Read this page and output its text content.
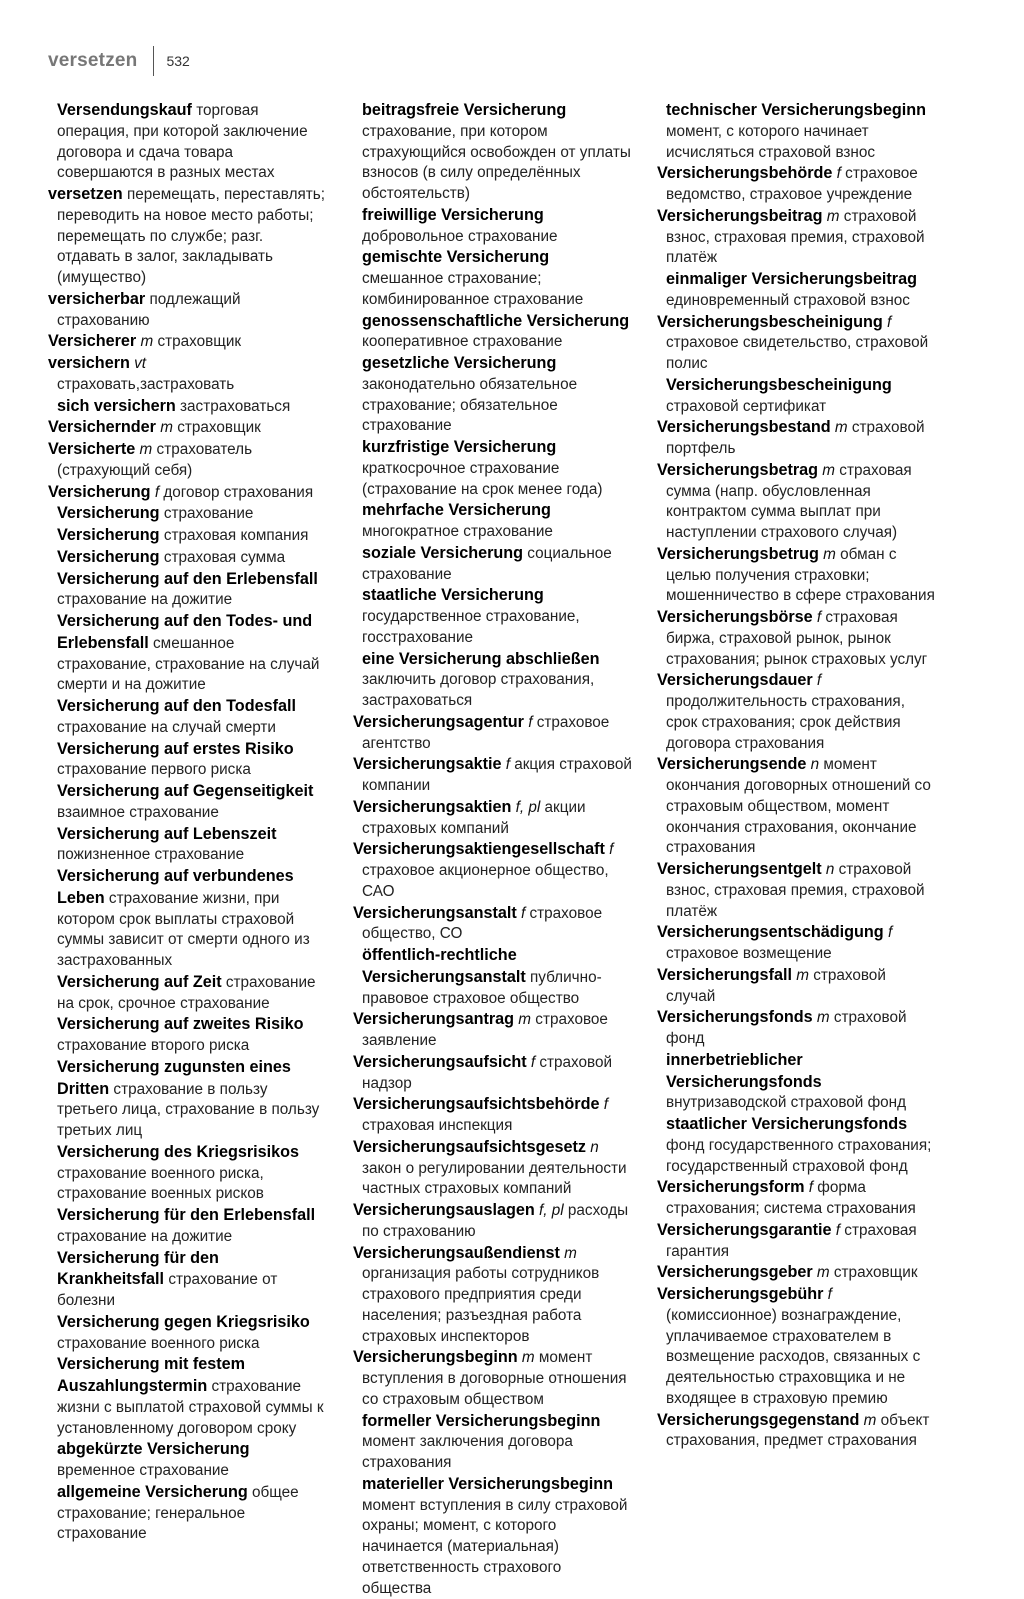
versetzen 532

Versendungskauf торговая операция, при которой заключение договора и сдача товара совершаются в разных местах

versetzen перемещать, переставлять; переводить на новое место работы; перемещать по службе; разг. отдавать в залог, закладывать (имущество)

versicherbar подлежащий страхованию

Versicherer m страховщик

versichern vt страховать,застраховать

sich versichern застраховаться

Versichernder m страховщик

Versicherte m страхователь (страхующий себя)

Versicherung f договор страхования

Versicherung страхование

Versicherung страховая компания

Versicherung страховая сумма

Versicherung auf den Erlebensfall страхование на дожитие

Versicherung auf den Todes- und Erlebensfall смешанное страхование, страхование на случай смерти и на дожитие

Versicherung auf den Todesfall страхование на случай смерти

Versicherung auf erstes Risiko страхование первого риска

Versicherung auf Gegenseitigkeit взаимное страхование

Versicherung auf Lebenszeit пожизненное страхование

Versicherung auf verbundenes Leben страхование жизни, при котором срок выплаты страховой суммы зависит от смерти одного из застрахованных

Versicherung auf Zeit страхование на срок, срочное страхование

Versicherung auf zweites Risiko страхование второго риска

Versicherung zugunsten eines Dritten страхование в пользу третьего лица, страхование в пользу третьих лиц

Versicherung des Kriegsrisikos страхование военного риска, страхование военных рисков

Versicherung für den Erlebensfall страхование на дожитие

Versicherung für den Krankheitsfall страхование от болезни

Versicherung gegen Kriegsrisiko страхование военного риска

Versicherung mit festem Auszahlungstermin страхование жизни с выплатой страховой суммы к установленному договором сроку

abgekürzte Versicherung временное страхование

allgemeine Versicherung общее страхование; генеральное страхование

beitragsfreie Versicherung страхование, при котором страхующийся освобожден от уплаты взносов (в силу определённых обстоятельств)

freiwillige Versicherung добровольное страхование

gemischte Versicherung смешанное страхование; комбинированное страхование

genossenschaftliche Versicherung кооперативное страхование

gesetzliche Versicherung законодательно обязательное страхование; обязательное страхование

kurzfristige Versicherung краткосрочное страхование (страхование на срок менее года)

mehrfache Versicherung многократное страхование

soziale Versicherung социальное страхование

staatliche Versicherung государственное страхование, госстрахование

eine Versicherung abschließen заключить договор страхования, застраховаться

Versicherungsagentur f страховое агентство

Versicherungsaktie f акция страховой компании

Versicherungsaktien f, pl акции страховых компаний

Versicherungsaktiengesellschaft f страховое акционерное общество, САО

Versicherungsanstalt f страховое общество, СО

öffentlich-rechtliche Versicherungsanstalt публично-правовое страховое общество

Versicherungsantrag m страховое заявление

Versicherungsaufsicht f страховой надзор

Versicherungsaufsichtsbehörde f страховая инспекция

Versicherungsaufsichtsgesetz n закон о регулировании деятельности частных страховых компаний

Versicherungsauslagen f, pl расходы по страхованию

Versicherungsaußendienst m организация работы сотрудников страхового предприятия среди населения; разъездная работа страховых инспекторов

Versicherungsbeginn m момент вступления в договорные отношения со страховым обществом

formeller Versicherungsbeginn момент заключения договора страхования

materieller Versicherungsbeginn момент вступления в силу страховой охраны; момент, с которого начинается (материальная) ответственность страхового общества

technischer Versicherungsbeginn момент, с которого начинает исчисляться страховой взнос

Versicherungsbehörde f страховое ведомство, страховое учреждение

Versicherungsbeitrag m страховой взнос, страховая премия, страховой платёж

einmaliger Versicherungsbeitrag единовременный страховой взнос

Versicherungsbescheinigung f страховое свидетельство, страховой полис

Versicherungsbescheinigung страховой сертификат

Versicherungsbestand m страховой портфель

Versicherungsbetrag m страховая сумма (напр. обусловленная контрактом сумма выплат при наступлении страхового случая)

Versicherungsbetrug m обман с целью получения страховки; мошенничество в сфере страхования

Versicherungsbörse f страховая биржа, страховой рынок, рынок страхования; рынок страховых услуг

Versicherungsdauer f продолжительность страхования, срок страхования; срок действия договора страхования

Versicherungsende n момент окончания договорных отношений со страховым обществом, момент окончания страхования, окончание страхования

Versicherungsentgelt n страховой взнос, страховая премия, страховой платёж

Versicherungsentschädigung f страховое возмещение

Versicherungsfall m страховой случай

Versicherungsfonds m страховой фонд

innerbetrieblicher Versicherungsfonds внутризаводской страховой фонд

staatlicher Versicherungsfonds фонд государственного страхования; государственный страховой фонд

Versicherungsform f форма страхования; система страхования

Versicherungsgarantie f страховая гарантия

Versicherungsgeber m страховщик

Versicherungsgebühr f (комиссионное) вознаграждение, уплачиваемое страхователем в возмещение расходов, связанных с деятельностью страховщика и не входящее в страховую премию

Versicherungsgegenstand m объект страхования, предмет страхования
